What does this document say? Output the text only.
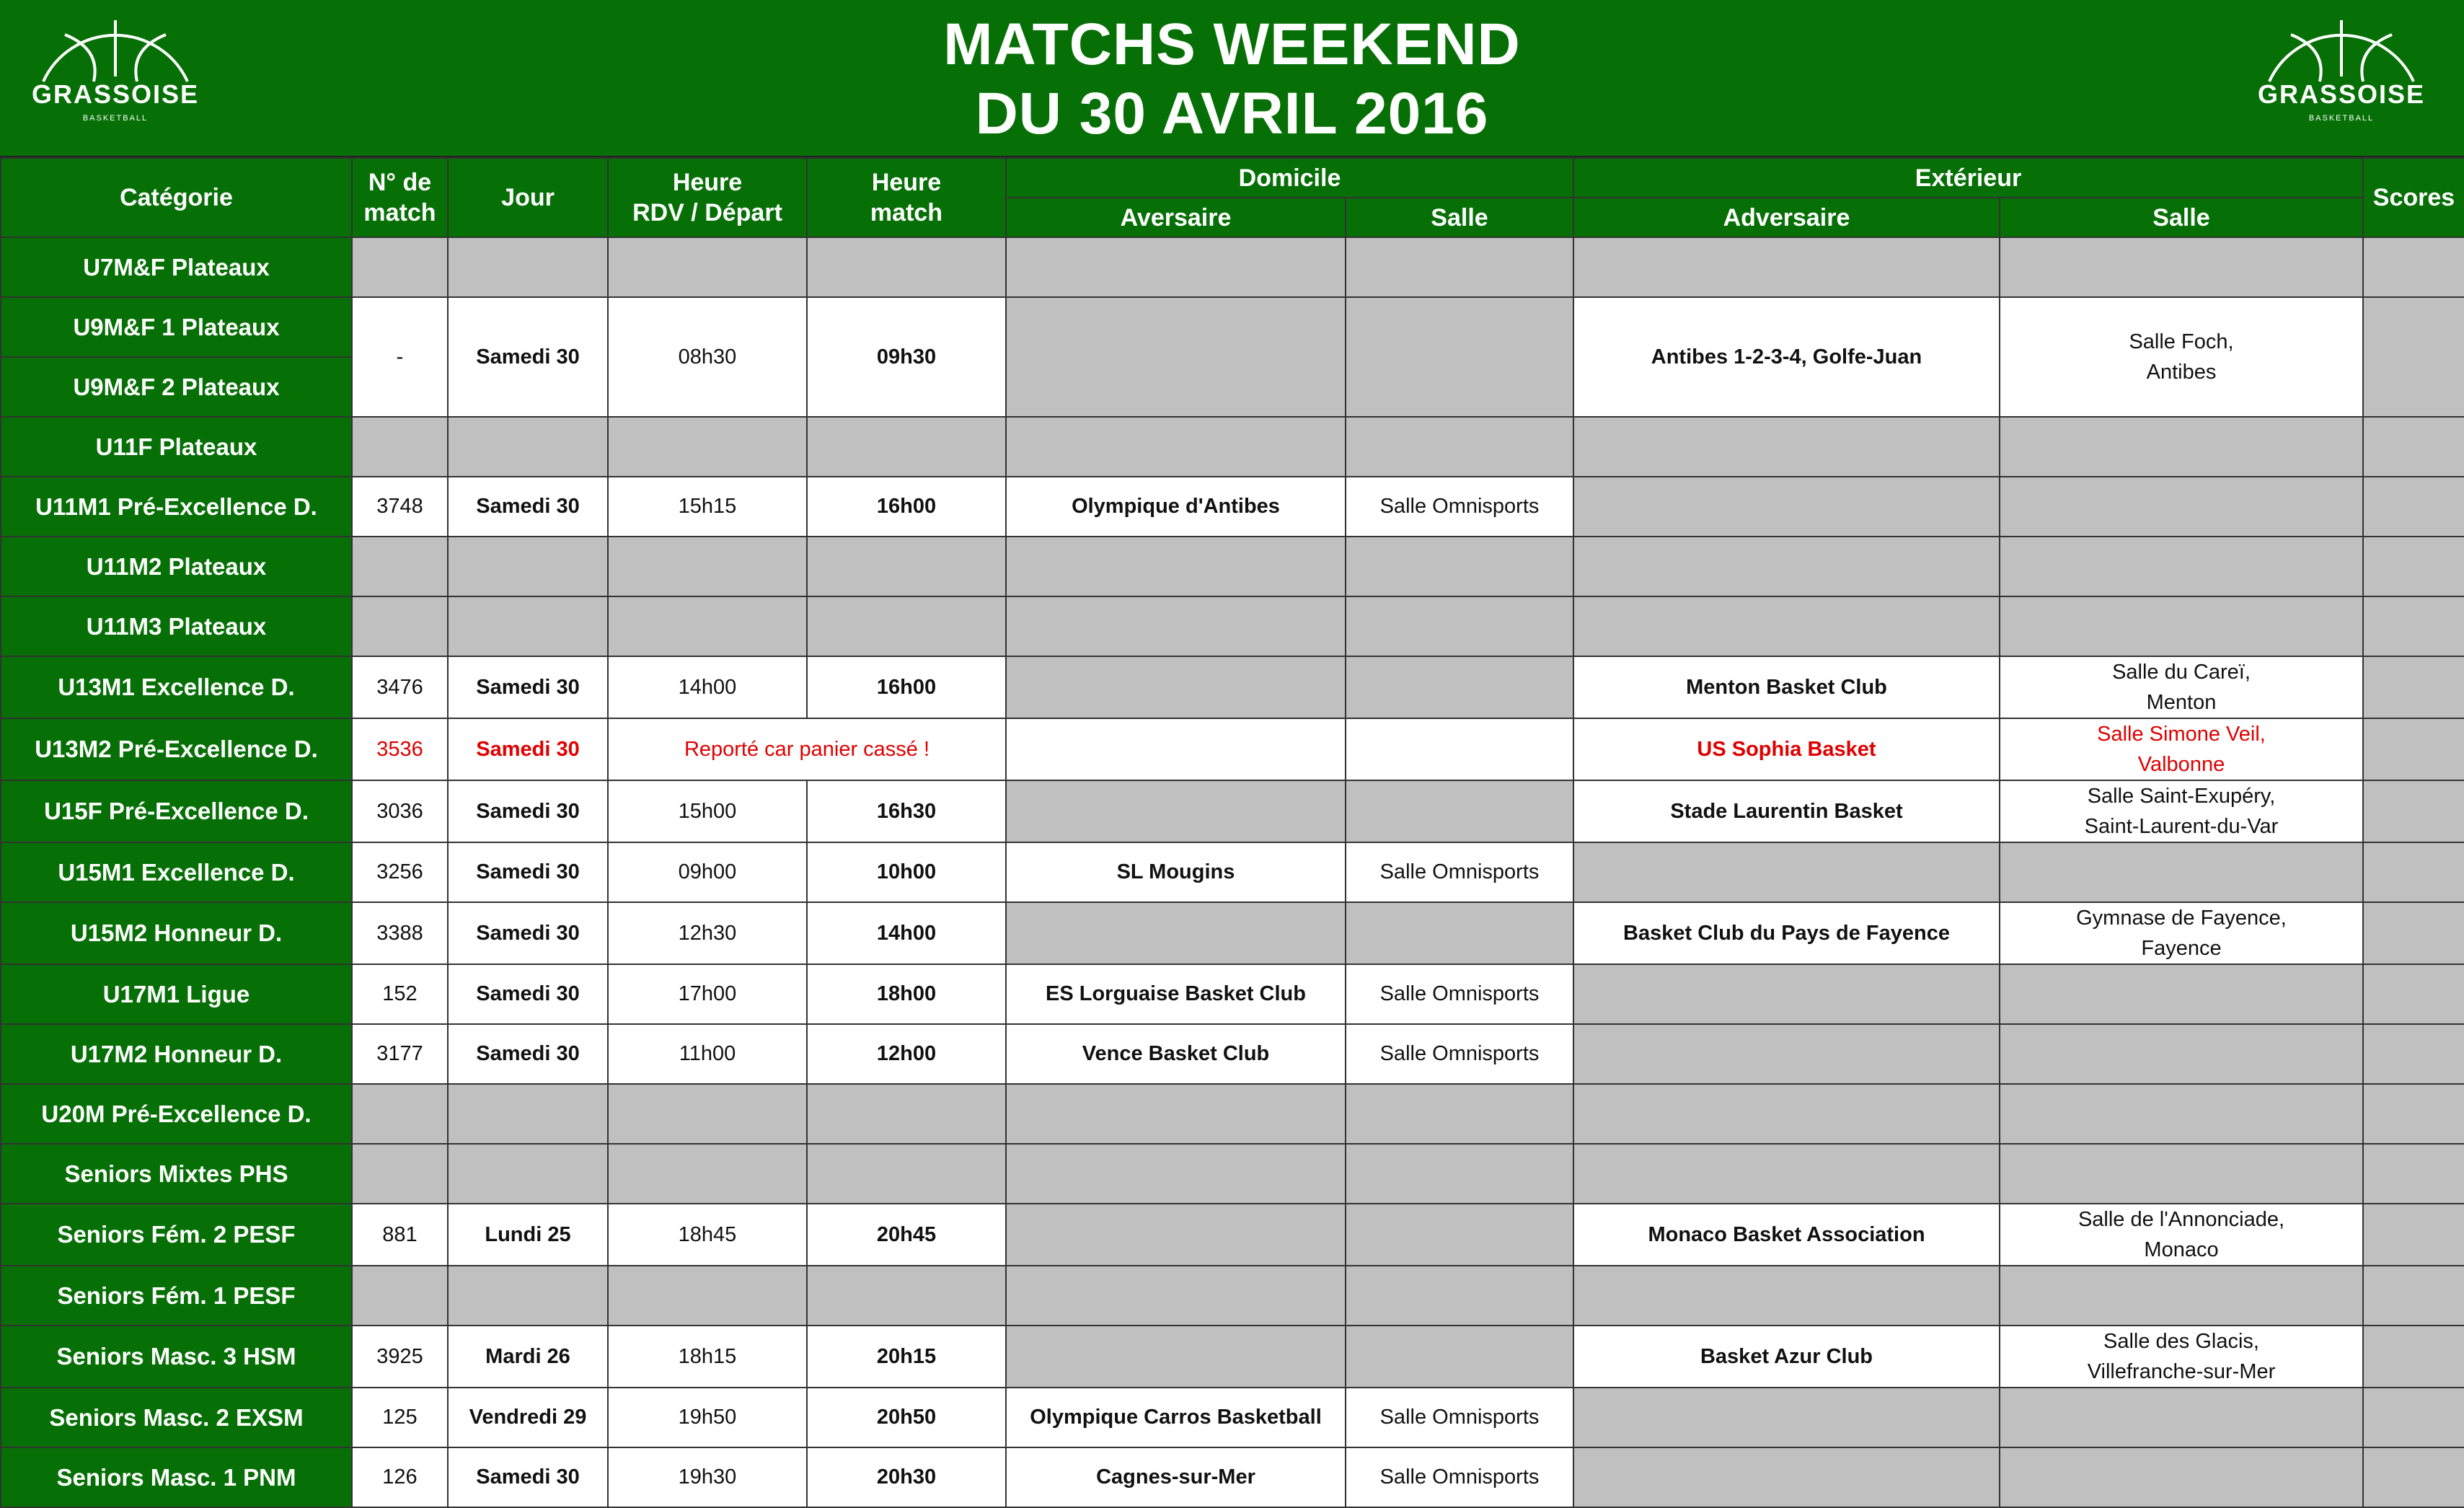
GRASSOISE
BASKETBALL
MATCHS WEEKEND
DU 30 AVRIL 2016	GRASSOISE
BASKETBALL
Catégorie	N° de
match	Jour	Heure
RDV / Départ	Heure
match	Domicile		Extérieur		Scores
					Aversaire	Salle	Adversaire	Salle	
U7M&F Plateaux									
U9M&F 1 Plateaux	-	Samedi 30	08h30	09h30			Antibes 1-2-3-4, Golfe-Juan	Salle Foch,
Antibes	

U9M&F 2 Plateaux									
U11F Plateaux									
U11M1 Pré-Excellence D.	3748	Samedi 30	15h15	16h00	Olympique d'Antibes	Salle Omnisports			
U11M2 Plateaux									
U11M3 Plateaux									
U13M1 Excellence D.	3476	Samedi 30	14h00	16h00			Menton Basket Club	Salle du Careï,
Menton	

U13M2 Pré-Excellence D.	3536	Samedi 30	Reporté car panier cassé !				US Sophia Basket	Salle Simone Veil,
Valbonne	

U15F Pré-Excellence D.	3036	Samedi 30	15h00	16h30			Stade Laurentin Basket	Salle Saint-Exupéry,
Saint-Laurent-du-Var	

U15M1 Excellence D.	3256	Samedi 30	09h00	10h00	SL Mougins	Salle Omnisports			
U15M2 Honneur D.	3388	Samedi 30	12h30	14h00			Basket Club du Pays de Fayence	Gymnase de Fayence,
Fayence	

U17M1 Ligue	152	Samedi 30	17h00	18h00	ES Lorguaise Basket Club	Salle Omnisports			
U17M2 Honneur D.	3177	Samedi 30	11h00	12h00	Vence Basket Club	Salle Omnisports			
U20M Pré-Excellence D.									
Seniors Mixtes PHS									
Seniors Fém. 2 PESF	881	Lundi 25	18h45	20h45			Monaco Basket Association	Salle de l'Annonciade,
Monaco	

Seniors Fém. 1 PESF									
Seniors Masc. 3 HSM	3925	Mardi 26	18h15	20h15			Basket Azur Club	Salle des Glacis,
Villefranche-sur-Mer	

Seniors Masc. 2 EXSM	125	Vendredi 29	19h50	20h50	Olympique Carros Basketball	Salle Omnisports			
Seniors Masc. 1 PNM	126	Samedi 30	19h30	20h30	Cagnes-sur-Mer	Salle Omnisports			
